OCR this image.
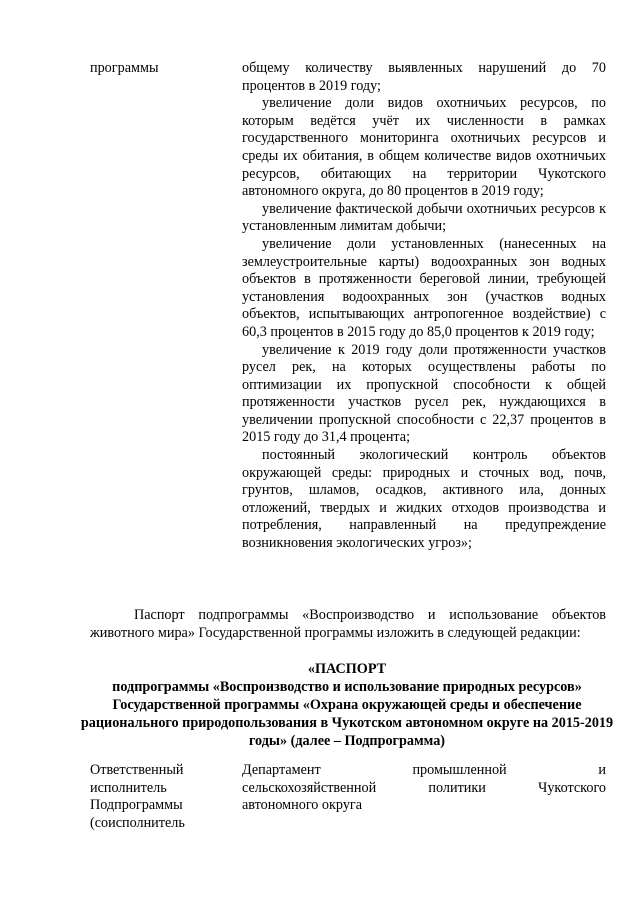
программы	общему количеству выявленных нарушений до 70 процентов в 2019 году;

увеличение доли видов охотничьих ресурсов, по которым ведётся учёт их численности в рамках государственного мониторинга охотничьих ресурсов и среды их обитания, в общем количестве видов охотничьих ресурсов, обитающих на территории Чукотского автономного округа, до 80 процентов в 2019 году;

увеличение фактической добычи охотничьих ресурсов к установленным лимитам добычи;

увеличение доли установленных (нанесенных на землеустроительные карты) водоохранных зон водных объектов в протяженности береговой линии, требующей установления водоохранных зон (участков водных объектов, испытывающих антропогенное воздействие) с 60,3 процентов в 2015 году до 85,0 процентов к 2019 году;

увеличение к 2019 году доли протяженности участков русел рек, на которых осуществлены работы по оптимизации их пропускной способности к общей протяженности участков русел рек, нуждающихся в увеличении пропускной способности с 22,37 процентов в 2015 году до 31,4 процента;

постоянный экологический контроль объектов окружающей среды: природных и сточных вод, почв, грунтов, шламов, осадков, активного ила, донных отложений, твердых и жидких отходов производства и потребления, направленный на предупреждение возникновения экологических угроз»;

Паспорт подпрограммы «Воспроизводство и использование объектов животного мира» Государственной программы изложить в следующей редакции:

«ПАСПОРТ
подпрограммы «Воспроизводство и использование природных ресурсов» Государственной программы «Охрана окружающей среды и обеспечение рационального природопользования в Чукотском автономном округе на 2015-2019 годы» (далее – Подпрограмма)
Ответственный
исполнитель
Подпрограммы
(соисполнитель
Департамент промышленной и
сельскохозяйственной политики Чукотского
автономного округа
